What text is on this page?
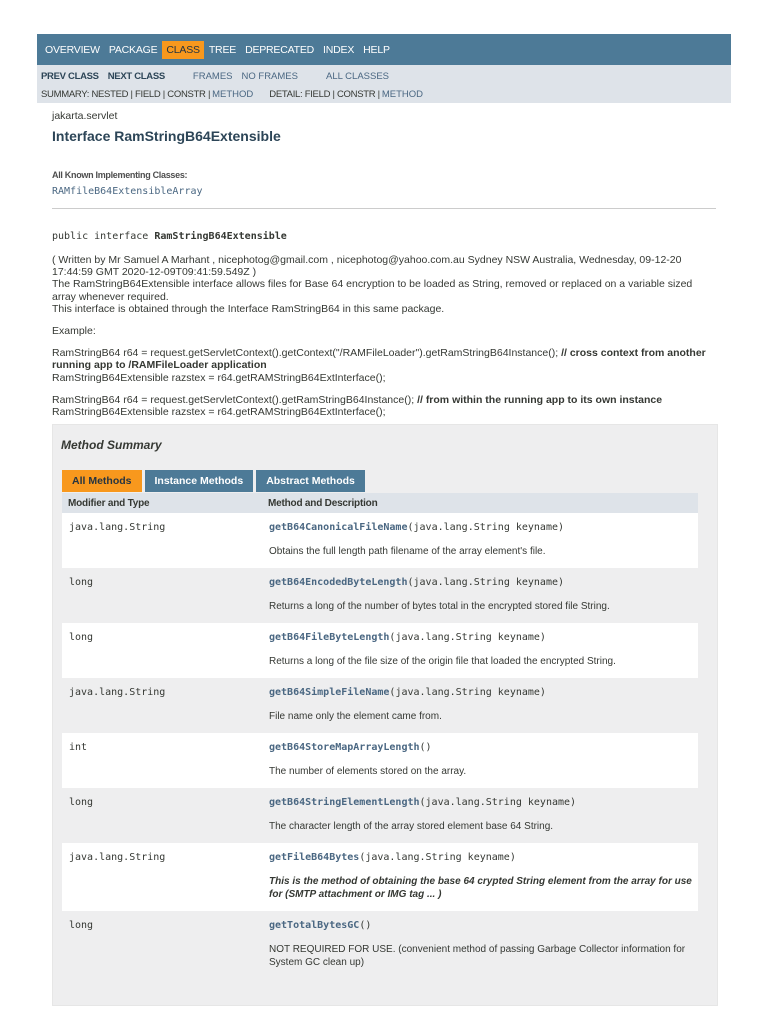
OVERVIEW PACKAGE CLASS TREE DEPRECATED INDEX HELP
PREV CLASS NEXT CLASS	FRAMES NO FRAMES	ALL CLASSES
SUMMARY: NESTED | FIELD | CONSTR | METHOD DETAIL: FIELD | CONSTR | METHOD
jakarta.servlet
Interface RamStringB64Extensible
All Known Implementing Classes:
RAMfileB64ExtensibleArray
public interface RamStringB64Extensible

( Written by Mr Samuel A Marhant , nicephotog@gmail.com , nicephotog@yahoo.com.au Sydney NSW Australia, Wednesday, 09-12-20 17:44:59 GMT 2020-12-09T09:41:59.549Z )

The RamStringB64Extensible interface allows files for Base 64 encryption to be loaded as String, removed or replaced on a variable sized array whenever required.

This interface is obtained through the Interface RamStringB64 in this same package.

Example:

RamStringB64 r64 = request.getServletContext().getContext("/RAMFileLoader").getRamStringB64Instance(); // cross context from another running app to /RAMFileLoader application

RamStringB64Extensible razstex = r64.getRAMStringB64ExtInterface();

RamStringB64 r64 = request.getServletContext().getRamStringB64Instance(); // from within the running app to its own instance

RamStringB64Extensible razstex = r64.getRAMStringB64ExtInterface();

Method Summary
All Methods	Instance Methods	Abstract Methods
Modifier and Type	Method and Description
java.lang.String	getB64CanonicalFileName(java.lang.String keyname)
Obtains the full length path filename of the array element's file.
long	getB64EncodedByteLength(java.lang.String keyname)
Returns a long of the number of bytes total in the encrypted stored file String.
long	getB64FileByteLength(java.lang.String keyname)
Returns a long of the file size of the origin file that loaded the encrypted String.
java.lang.String	getB64SimpleFileName(java.lang.String keyname)
File name only the element came from.
int	getB64StoreMapArrayLength()
The number of elements stored on the array.
long	getB64StringElementLength(java.lang.String keyname)
The character length of the array stored element base 64 String.
java.lang.String	getFileB64Bytes(java.lang.String keyname)
This is the method of obtaining the base 64 crypted String element from the array for use for (SMTP attachment or IMG tag ... )
long	getTotalBytesGC()
NOT REQUIRED FOR USE. (convenient method of passing Garbage Collector information for System GC clean up)
